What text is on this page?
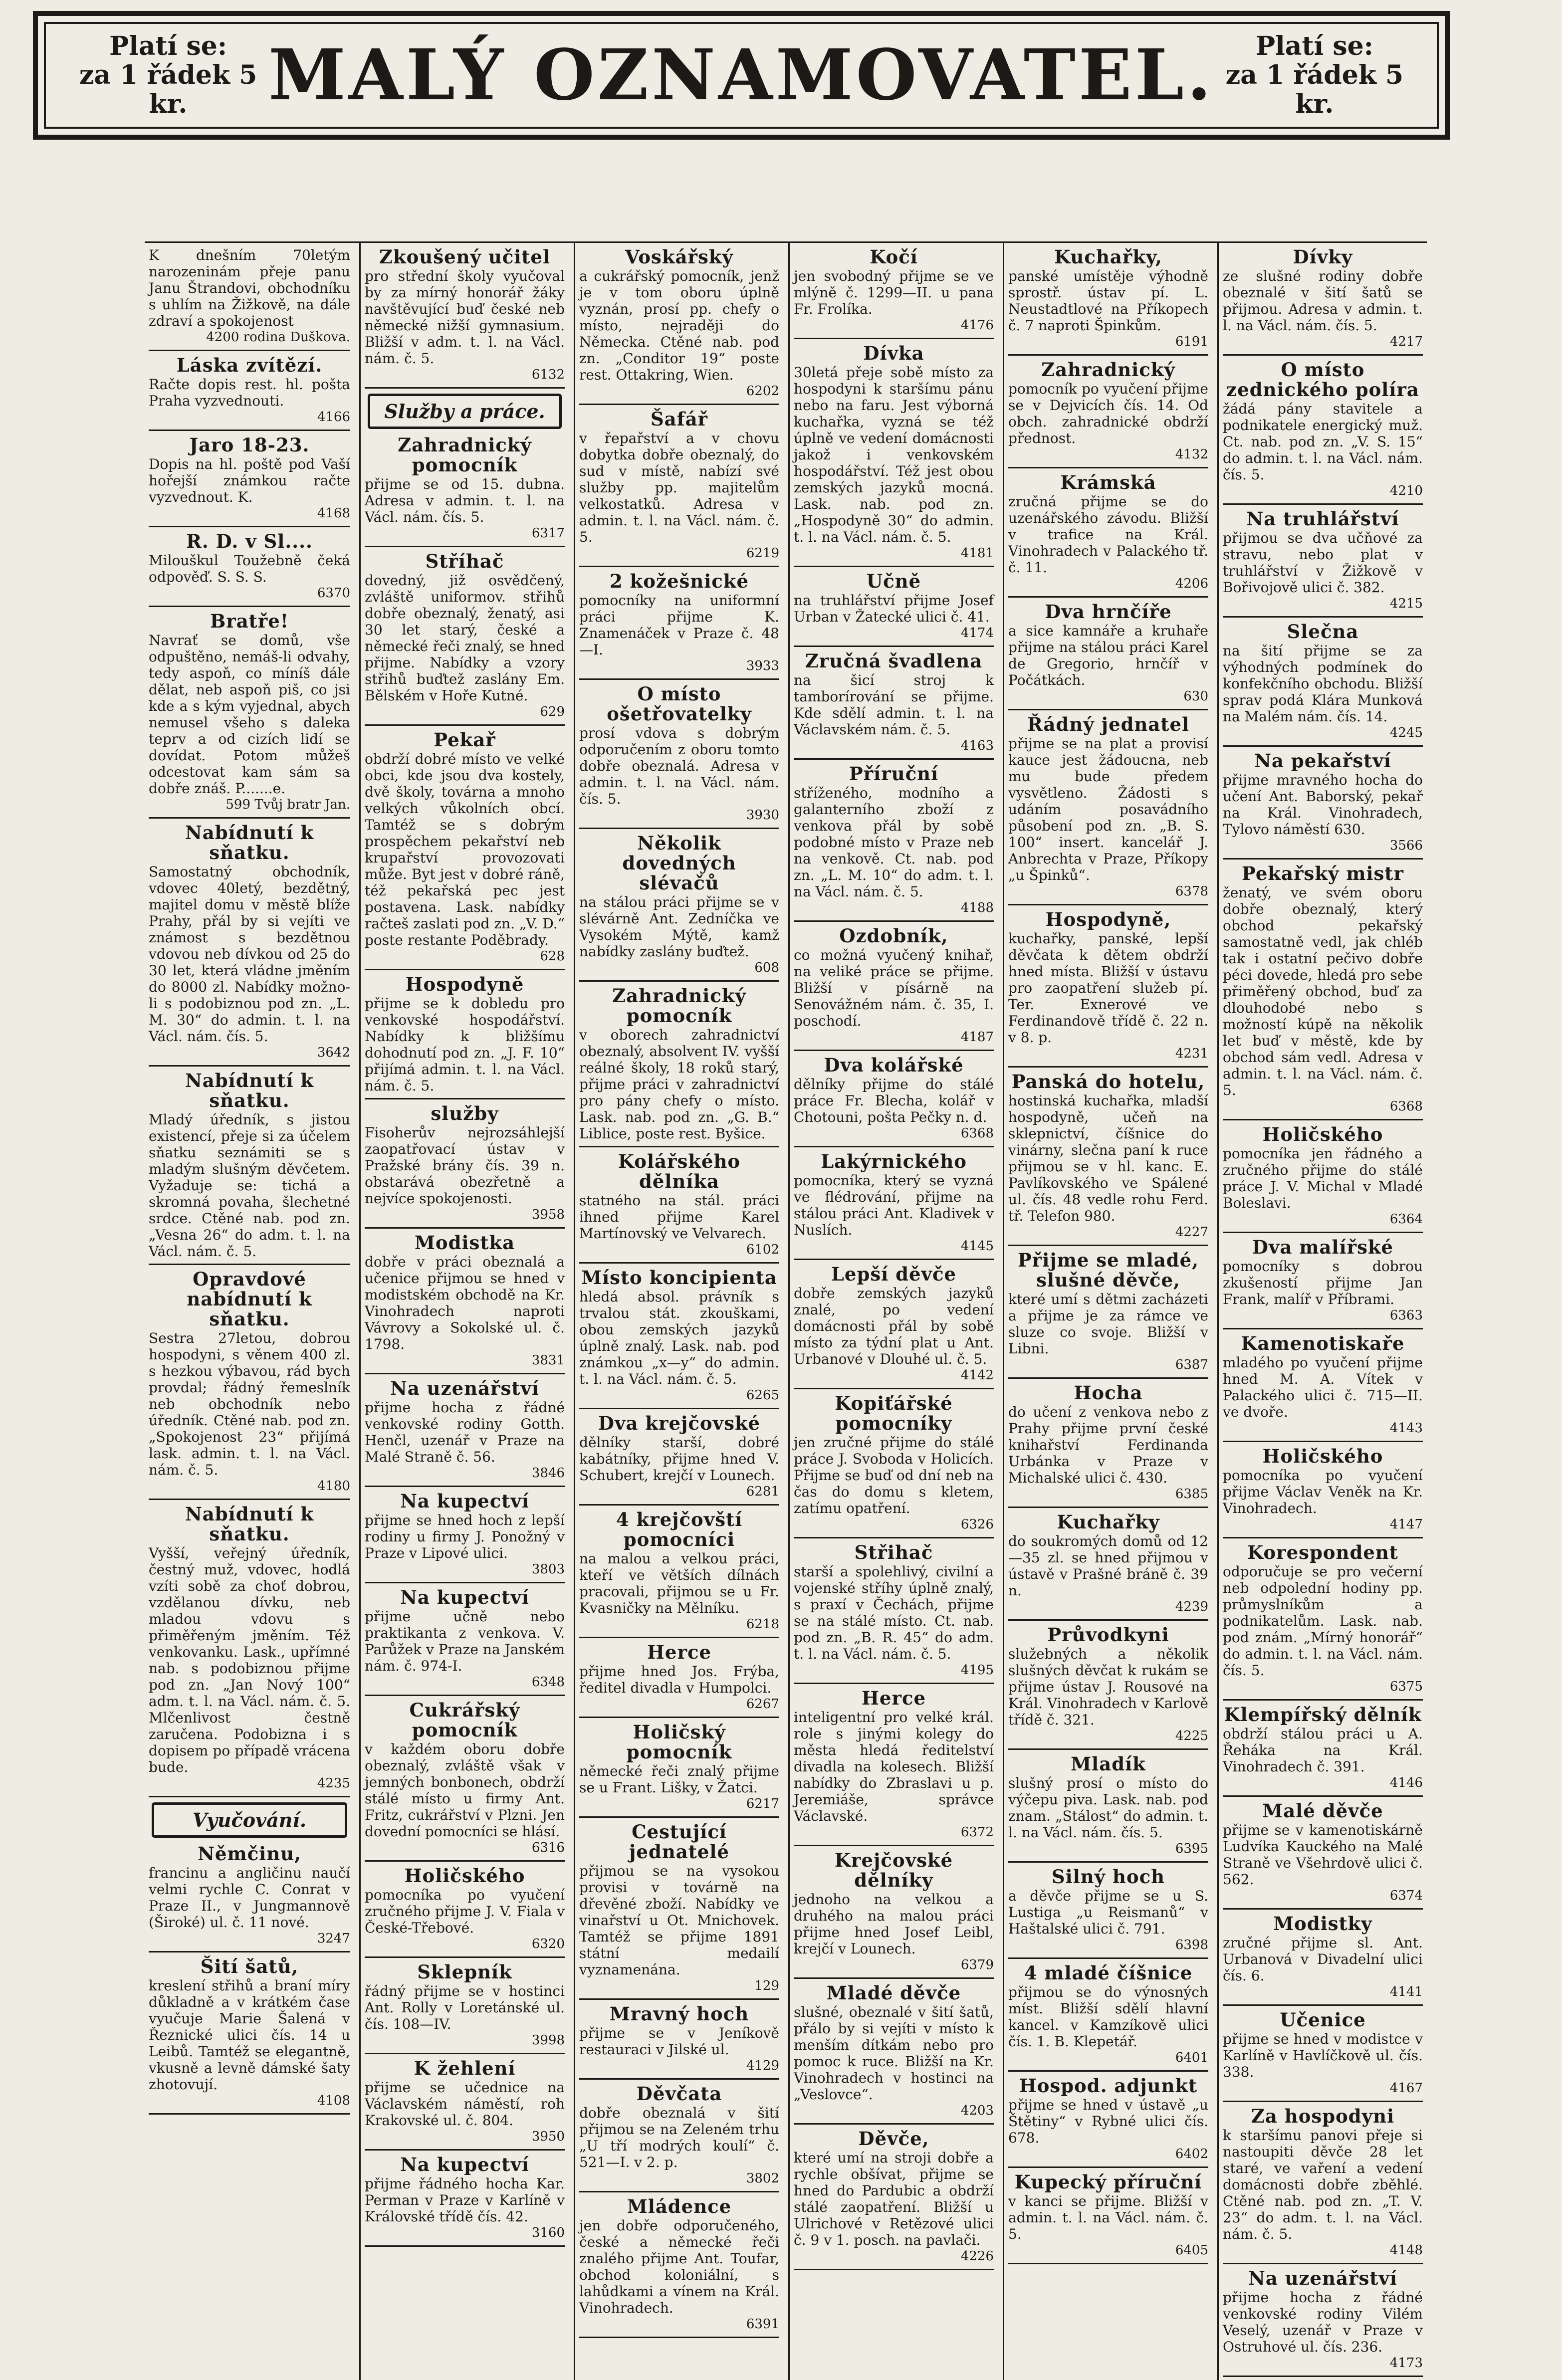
Platí se:
za 1 řádek 5 kr.	MALÝ OZNAMOVATEL.	Platí se:
za 1 řádek 5 kr.
K dnešním 70letým narozeninám přeje panu Janu Štrandovi, obchodníku s uhlím na Žižkově, na dále zdraví a spokojenost
4200 rodina Duškova.
Láska zvítězí.
Račte dopis rest. hl. pošta Praha vyzvednouti.
4166
Jaro 18-23.
Dopis na hl. poště pod Vaší hořejší známkou račte vyzvednout. K.
4168
R. D. v Sl....
Milouškul Toužebně čeká odpověď. S. S. S.
6370
Bratře!
Navrať se domů, vše odpuštěno, nemáš-li odvahy, tedy aspoň, co míníš dále dělat, neb aspoň piš, co jsi kde a s kým vyjednal, abych nemusel všeho s daleka teprv a od cizích lidí se dovídat. Potom můžeš odcestovat kam sám sa dobře znáš. P.......e.
599 Tvůj bratr Jan.
Nabídnutí k sňatku.
Samostatný obchodník, vdovec 40letý, bezdětný, majitel domu v městě blíže Prahy, přál by si vejíti ve známost s bezdětnou vdovou neb dívkou od 25 do 30 let, která vládne jměním do 8000 zl. Nabídky možno-li s podobiznou pod zn. „L. M. 30“ do admin. t. l. na Václ. nám. čís. 5.
3642
Nabídnutí k sňatku.
Mladý úředník, s jistou existencí, přeje si za účelem sňatku seznámiti se s mladým slušným děvčetem. Vyžaduje se: tichá a skromná povaha, šlechetné srdce. Ctěné nab. pod zn. „Vesna 26“ do adm. t. l. na Václ. nám. č. 5.
Opravdové nabídnutí k sňatku.
Sestra 27letou, dobrou hospodyni, s věnem 400 zl. s hezkou výbavou, rád bych provdal; řádný řemeslník neb obchodník nebo úředník. Ctěné nab. pod zn. „Spokojenost 23“ přijímá lask. admin. t. l. na Václ. nám. č. 5.
4180
Nabídnutí k sňatku.
Vyšší, veřejný úředník, čestný muž, vdovec, hodlá vzíti sobě za choť dobrou, vzdělanou dívku, neb mladou vdovu s přiměřeným jměním. Též venkovanku. Lask., upřímné nab. s podobiznou přijme pod zn. „Jan Nový 100“ adm. t. l. na Václ. nám. č. 5. Mlčenlivost čestně zaručena. Podobizna i s dopisem po případě vrácena bude.
4235
Vyučování.
Němčinu,
francinu a angličinu naučí velmi rychle C. Conrat v Praze II., v Jungmannově (Široké) ul. č. 11 nové.
3247
Šití šatů,
kreslení střihů a braní míry důkladně a v krátkém čase vyučuje Marie Šalená v Řeznické ulici čís. 14 u Leibů. Tamtéž se elegantně, vkusně a levně dámské šaty zhotovují.
4108
Zkoušený učitel
pro střední školy vyučoval by za mírný honorář žáky navštěvující buď české neb německé nižší gymnasium. Bližší v adm. t. l. na Václ. nám. č. 5.
6132
Služby a práce.
Zahradnický pomocník
přijme se od 15. dubna. Adresa v admin. t. l. na Václ. nám. čís. 5.
6317
Stříhač
dovedný, již osvědčený, zvláště uniformov. střihů dobře obeznalý, ženatý, asi 30 let starý, české a německé řeči znalý, se hned přijme. Nabídky a vzory střihů buďtež zaslány Em. Bělském v Hoře Kutné.
629
Pekař
obdrží dobré místo ve velké obci, kde jsou dva kostely, dvě školy, továrna a mnoho velkých vůkolních obcí. Tamtéž se s dobrým prospěchem pekařství neb krupařství provozovati může. Byt jest v dobré ráně, též pekařská pec jest postavena. Lask. nabídky račteš zaslati pod zn. „V. D.“ poste restante Poděbrady.
628
Hospodyně
přijme se k dobledu pro venkovské hospodářství. Nabídky k bližšímu dohodnutí pod zn. „J. F. 10“ přijímá admin. t. l. na Václ. nám. č. 5.
služby
Fisoherův nejrozsáhlejší zaopatřovací ústav v Pražské brány čís. 39 n. obstarává obezřetně a nejvíce spokojenosti.
3958
Modistka
dobře v práci obeznalá a učenice přijmou se hned v modistském obchodě na Kr. Vinohradech naproti Vávrovy a Sokolské ul. č. 1798.
3831
Na uzenářství
přijme hocha z řádné venkovské rodiny Gotth. Henčl, uzenář v Praze na Malé Straně č. 56.
3846
Na kupectví
přijme se hned hoch z lepší rodiny u firmy J. Ponožný v Praze v Lipové ulici.
3803
Na kupectví
přijme učně nebo praktikanta z venkova. V. Parůžek v Praze na Janském nám. č. 974-I.
6348
Cukrářský pomocník
v každém oboru dobře obeznalý, zvláště však v jemných bonbonech, obdrží stálé místo u firmy Ant. Fritz, cukrářství v Plzni. Jen dovední pomocníci se hlásí.
6316
Holičského
pomocníka po vyučení zručného přijme J. V. Fiala v České-Třebové.
6320
Sklepník
řádný přijme se v hostinci Ant. Rolly v Loretánské ul. čís. 108—IV.
3998
K žehlení
přijme se učednice na Václavském náměstí, roh Krakovské ul. č. 804.
3950
Na kupectví
přijme řádného hocha Kar. Perman v Praze v Karlíně v Královské třídě čís. 42.
3160
Voskářský
a cukrářský pomocník, jenž je v tom oboru úplně vyznán, prosí pp. chefy o místo, nejraději do Německa. Ctěné nab. pod zn. „Conditor 19“ poste rest. Ottakring, Wien.
6202
Šafář
v řepařství a v chovu dobytka dobře obeznalý, do sud v místě, nabízí své služby pp. majitelům velkostatků. Adresa v admin. t. l. na Václ. nám. č. 5.
6219
2 kožešnické
pomocníky na uniformní práci přijme K. Znamenáček v Praze č. 48—I.
3933
O místo ošetřovatelky
prosí vdova s dobrým odporučením z oboru tomto dobře obeznalá. Adresa v admin. t. l. na Václ. nám. čís. 5.
3930
Několik dovedných slévačů
na stálou práci přijme se v slévárně Ant. Zedníčka ve Vysokém Mýtě, kamž nabídky zaslány buďtež.
608
Zahradnický pomocník
v oborech zahradnictví obeznalý, absolvent IV. vyšší reálné školy, 18 roků starý, přijme práci v zahradnictví pro pány chefy o místo. Lask. nab. pod zn. „G. B.“ Liblice, poste rest. Byšice.
Kolářského dělníka
statného na stál. práci ihned přijme Karel Martínovský ve Velvarech.
6102
Místo koncipienta
hledá absol. právník s trvalou stát. zkouškami, obou zemských jazyků úplně znalý. Lask. nab. pod známkou „x—y“ do admin. t. l. na Václ. nám. č. 5.
6265
Dva krejčovské
dělníky starší, dobré kabátníky, přijme hned V. Schubert, krejčí v Lounech.
6281
4 krejčovští pomocníci
na malou a velkou práci, kteří ve větších dílnách pracovali, přijmou se u Fr. Kvasničky na Mělníku.
6218
Herce
přijme hned Jos. Frýba, ředitel divadla v Humpolci.
6267
Holičský pomocník
německé řeči znalý přijme se u Frant. Lišky, v Žatci.
6217
Cestující jednatelé
přijmou se na vysokou provisi v továrně na dřevěné zboží. Nabídky ve vinařství u Ot. Mnichovek. Tamtéž se přijme 1891 státní medailí vyznamenána.
129
Mravný hoch
přijme se v Jeníkově restauraci v Jilské ul.
4129
Děvčata
dobře obeznalá v šití přijmou se na Zeleném trhu „U tří modrých koulí“ č. 521—I. v 2. p.
3802
Mládence
jen dobře odporučeného, české a německé řeči znalého přijme Ant. Toufar, obchod koloniální, s lahůdkami a vínem na Král. Vinohradech.
6391
Kočí
jen svobodný přijme se ve mlýně č. 1299—II. u pana Fr. Frolíka.
4176
Dívka
30letá přeje sobě místo za hospodyni k staršímu pánu nebo na faru. Jest výborná kuchařka, vyzná se též úplně ve vedení domácnosti jakož i venkovském hospodářství. Též jest obou zemských jazyků mocná. Lask. nab. pod zn. „Hospodyně 30“ do admin. t. l. na Václ. nám. č. 5.
4181
Učně
na truhlářství přijme Josef Urban v Žatecké ulici č. 41.
4174
Zručná švadlena
na šicí stroj k tamborírování se přijme. Kde sdělí admin. t. l. na Václavském nám. č. 5.
4163
Příruční
stříženého, modního a galanterního zboží z venkova přál by sobě podobné místo v Praze neb na venkově. Ct. nab. pod zn. „L. M. 10“ do adm. t. l. na Václ. nám. č. 5.
4188
Ozdobník,
co možná vyučený knihař, na veliké práce se přijme. Bližší v písárně na Senovážném nám. č. 35, I. poschodí.
4187
Dva kolářské
dělníky přijme do stálé práce Fr. Blecha, kolář v Chotouni, pošta Pečky n. d.
6368
Lakýrnického
pomocníka, který se vyzná ve flédrování, přijme na stálou práci Ant. Kladivek v Nuslích.
4145
Lepší děvče
dobře zemských jazyků znalé, po vedení domácnosti přál by sobě místo za týdní plat u Ant. Urbanové v Dlouhé ul. č. 5.
4142
Kopiťářské pomocníky
jen zručné přijme do stálé práce J. Svoboda v Holicích. Přijme se buď od dní neb na čas do domu s kletem, zatímu opatření.
6326
Střihač
starší a spolehlivý, civilní a vojenské stříhy úplně znalý, s praxí v Čechách, přijme se na stálé místo. Ct. nab. pod zn. „B. R. 45“ do adm. t. l. na Václ. nám. č. 5.
4195
Herce
inteligentní pro velké král. role s jinými kolegy do města hledá ředitelství divadla na kolesech. Bližší nabídky do Zbraslavi u p. Jeremiáše, správce Václavské.
6372
Krejčovské dělníky
jednoho na velkou a druhého na malou práci přijme hned Josef Leibl, krejčí v Lounech.
6379
Mladé děvče
slušné, obeznalé v šití šatů, přálo by si vejíti v místo k menším dítkám nebo pro pomoc k ruce. Bližší na Kr. Vinohradech v hostinci na „Veslovce“.
4203
Děvče,
které umí na stroji dobře a rychle obšívat, přijme se hned do Pardubic a obdrží stálé zaopatření. Bližší u Ulrichové v Retězové ulici č. 9 v 1. posch. na pavlači.
4226
Kuchařky,
panské umístěje výhodně sprostř. ústav pí. L. Neustadtlové na Příkopech č. 7 naproti Špinkům.
6191
Zahradnický
pomocník po vyučení přijme se v Dejvicích čís. 14. Od obch. zahradnické obdrží přednost.
4132
Krámská
zručná přijme se do uzenářského závodu. Bližší v trafice na Král. Vinohradech v Palackého tř. č. 11.
4206
Dva hrnčíře
a sice kamnáře a kruhaře přijme na stálou práci Karel de Gregorio, hrnčíř v Počátkách.
630
Řádný jednatel
přijme se na plat a provisí kauce jest žádoucna, neb mu bude předem vysvětleno. Žádosti s udáním posavádního působení pod zn. „B. S. 100“ insert. kancelář J. Anbrechta v Praze, Příkopy „u Špinků“.
6378
Hospodyně,
kuchařky, panské, lepší děvčata k dětem obdrží hned místa. Bližší v ústavu pro zaopatření služeb pí. Ter. Exnerové ve Ferdinandově třídě č. 22 n. v 8. p.
4231
Panská do hotelu,
hostinská kuchařka, mladší hospodyně, učeň na sklepnictví, číšnice do vinárny, slečna paní k ruce přijmou se v hl. kanc. E. Pavlíkovského ve Spálené ul. čís. 48 vedle rohu Ferd. tř. Telefon 980.
4227
Přijme se mladé, slušné děvče,
které umí s dětmi zacházeti a přijme je za rámce ve sluze co svoje. Bližší v Libni.
6387
Hocha
do učení z venkova nebo z Prahy přijme první české knihařství Ferdinanda Urbánka v Praze v Michalské ulici č. 430.
6385
Kuchařky
do soukromých domů od 12—35 zl. se hned přijmou v ústavě v Prašné bráně č. 39 n.
4239
Průvodkyni
služebných a několik slušných děvčat k rukám se přijme ústav J. Rousové na Král. Vinohradech v Karlově třídě č. 321.
4225
Mladík
slušný prosí o místo do výčepu piva. Lask. nab. pod znam. „Stálost“ do admin. t. l. na Václ. nám. čís. 5.
6395
Silný hoch
a děvče přijme se u S. Lustiga „u Reismanů“ v Haštalské ulici č. 791.
6398
4 mladé číšnice
přijmou se do výnosných míst. Bližší sdělí hlavní kancel. v Kamzíkově ulici čís. 1. B. Klepetář.
6401
Hospod. adjunkt
přijme se hned v ústavě „u Štětiny“ v Rybné ulici čís. 678.
6402
Kupecký příruční
v kanci se přijme. Bližší v admin. t. l. na Václ. nám. č. 5.
6405
Dívky
ze slušné rodiny dobře obeznalé v šití šatů se přijmou. Adresa v admin. t. l. na Václ. nám. čís. 5.
4217
O místo zednického políra
žádá pány stavitele a podnikatele energický muž. Ct. nab. pod zn. „V. S. 15“ do admin. t. l. na Václ. nám. čís. 5.
4210
Na truhlářství
přijmou se dva učňové za stravu, nebo plat v truhlářství v Žižkově v Bořivojově ulici č. 382.
4215
Slečna
na šití přijme se za výhodných podmínek do konfekčního obchodu. Bližší sprav podá Klára Munková na Malém nám. čís. 14.
4245
Na pekařství
přijme mravného hocha do učení Ant. Baborský, pekař na Král. Vinohradech, Tylovo náměstí 630.
3566
Pekařský mistr
ženatý, ve svém oboru dobře obeznalý, který obchod pekařský samostatně vedl, jak chléb tak i ostatní pečivo dobře péci dovede, hledá pro sebe přiměřený obchod, buď za dlouhodobé nebo s možností kúpě na několik let buď v městě, kde by obchod sám vedl. Adresa v admin. t. l. na Václ. nám. č. 5.
6368
Holičského
pomocníka jen řádného a zručného přijme do stálé práce J. V. Michal v Mladé Boleslavi.
6364
Dva malířské
pomocníky s dobrou zkušeností přijme Jan Frank, malíř v Příbrami.
6363
Kamenotiskaře
mladého po vyučení přijme hned M. A. Vítek v Palackého ulici č. 715—II. ve dvoře.
4143
Holičského
pomocníka po vyučení přijme Václav Veněk na Kr. Vinohradech.
4147
Korespondent
odporučuje se pro večerní neb odpolední hodiny pp. průmyslníkům a podnikatelům. Lask. nab. pod znám. „Mírný honorář“ do admin. t. l. na Václ. nám. čís. 5.
6375
Klempířský dělník
obdrží stálou práci u A. Řeháka na Král. Vinohradech č. 391.
4146
Malé děvče
přijme se v kamenotiskárně Ludvíka Kauckého na Malé Straně ve Všehrdově ulici č. 562.
6374
Modistky
zručné přijme sl. Ant. Urbanová v Divadelní ulici čís. 6.
4141
Učenice
přijme se hned v modistce v Karlíně v Havlíčkově ul. čís. 338.
4167
Za hospodyni
k staršímu panovi přeje si nastoupiti děvče 28 let staré, ve vaření a vedení domácnosti dobře zběhlé. Ctěné nab. pod zn. „T. V. 23“ do adm. t. l. na Václ. nám. č. 5.
4148
Na uzenářství
přijme hocha z řádné venkovské rodiny Vilém Veselý, uzenář v Praze v Ostruhové ul. čís. 236.
4173
